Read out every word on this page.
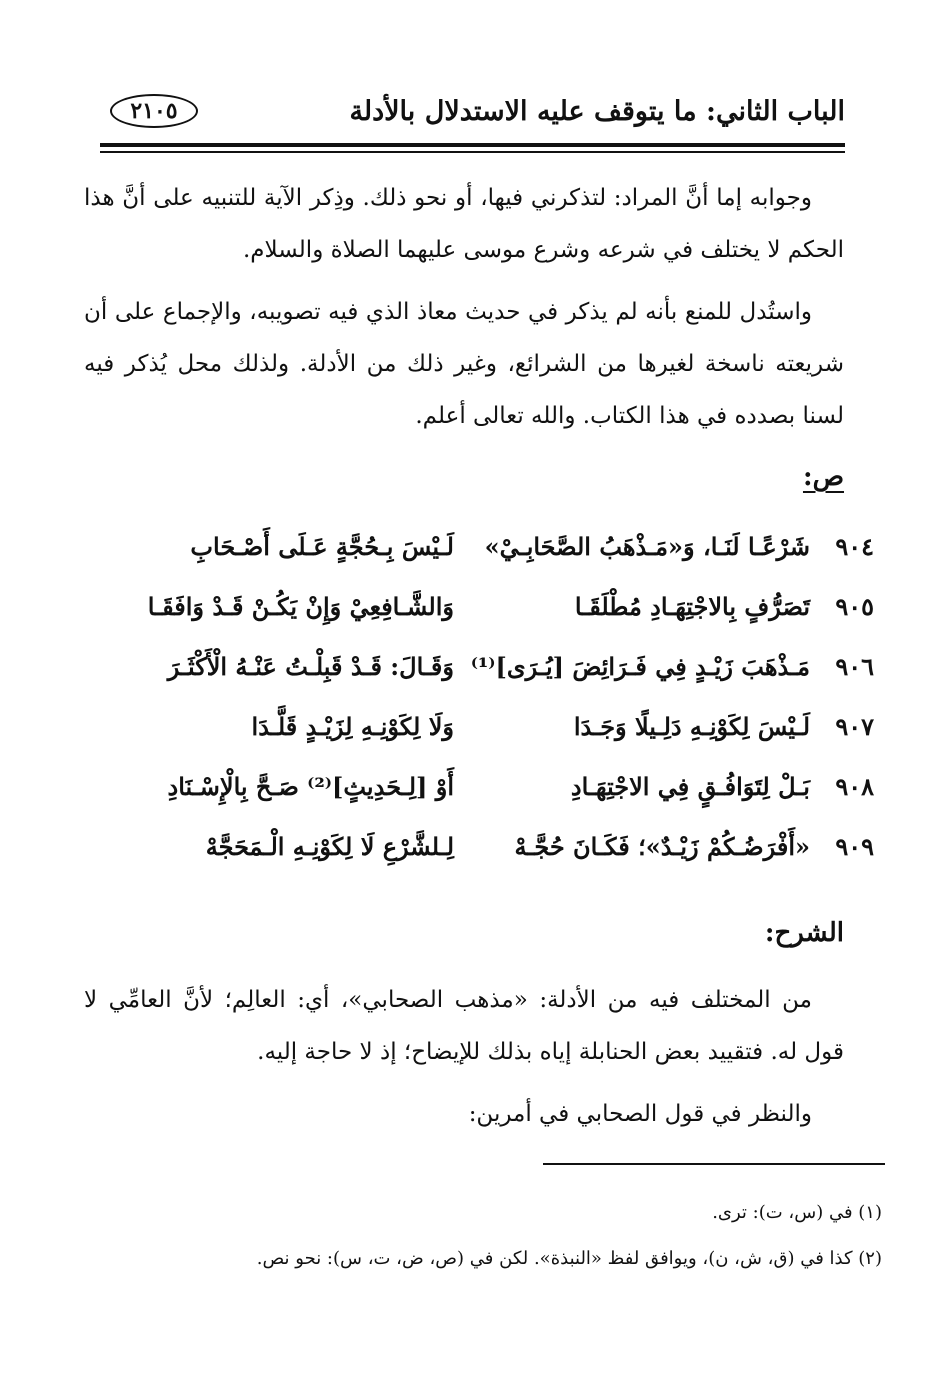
الباب الثاني: ما يتوقف عليه الاستدلال بالأدلة
٢١٠٥

وجوابه إما أنَّ المراد: لتذكرني فيها، أو نحو ذلك. وذِكر الآية للتنبيه على أنَّ هذا الحكم لا يختلف في شرعه وشرع موسى عليهما الصلاة والسلام.

واستُدل للمنع بأنه لم يذكر في حديث معاذ الذي فيه تصويبه، والإجماع على أن شريعته ناسخة لغيرها من الشرائع، وغير ذلك من الأدلة. ولذلك محل يُذكر فيه لسنا بصدده في هذا الكتاب. والله تعالى أعلم.

ص:
٩٠٤
شَرْعًـا لَنَـا، وَ«مَـذْهَبُ الصَّحَابِـيْ»
لَـيْسَ بِـحُجَّةٍ عَـلَى أَصْـحَابِ
٩٠٥
تَصَرُّفٍ بِالاجْتِهَـادِ مُطْلَقَـا
وَالشَّـافِعِيْ وَإِنْ يَكُـنْ قَـدْ وَافَقَـا
٩٠٦
مَـذْهَبَ زَيْـدٍ فِي فَـرَائِضَ [يُـرَى]⁽¹⁾
وَقَـالَ: قَـدْ قَبِلْـتُ عَنْـهُ الْأَكْثَـرَ
٩٠٧
لَـيْسَ لِكَوْنِـهِ دَلِـيلًا وَجَـدَا
وَلَا لِكَوْنِـهِ لِزَيْـدٍ قَلَّـدَا
٩٠٨
بَـلْ لِتَوَافُـقٍ فِي الاجْتِهَـادِ
أَوْ [لِـحَدِيثٍ]⁽²⁾ صَـحَّ بِالْإِسْـنَادِ
٩٠٩
«أَفْرَضُـكُمْ زَيْـدٌ»؛ فَكَـانَ حُجَّـهْ
لِـلشَّرْعِ لَا لِكَوْنِـهِ الْـمَحَجَّهْ
الشرح:

من المختلف فيه من الأدلة: «مذهب الصحابي»، أي: العالِم؛ لأنَّ العامِّي لا قول له. فتقييد بعض الحنابلة إياه بذلك للإيضاح؛ إذ لا حاجة إليه.

والنظر في قول الصحابي في أمرين:

(١) في (س، ت): ترى.
(٢) كذا في (ق، ش، ن)، ويوافق لفظ «النبذة». لكن في (ص، ض، ت، س): نحو نص.
